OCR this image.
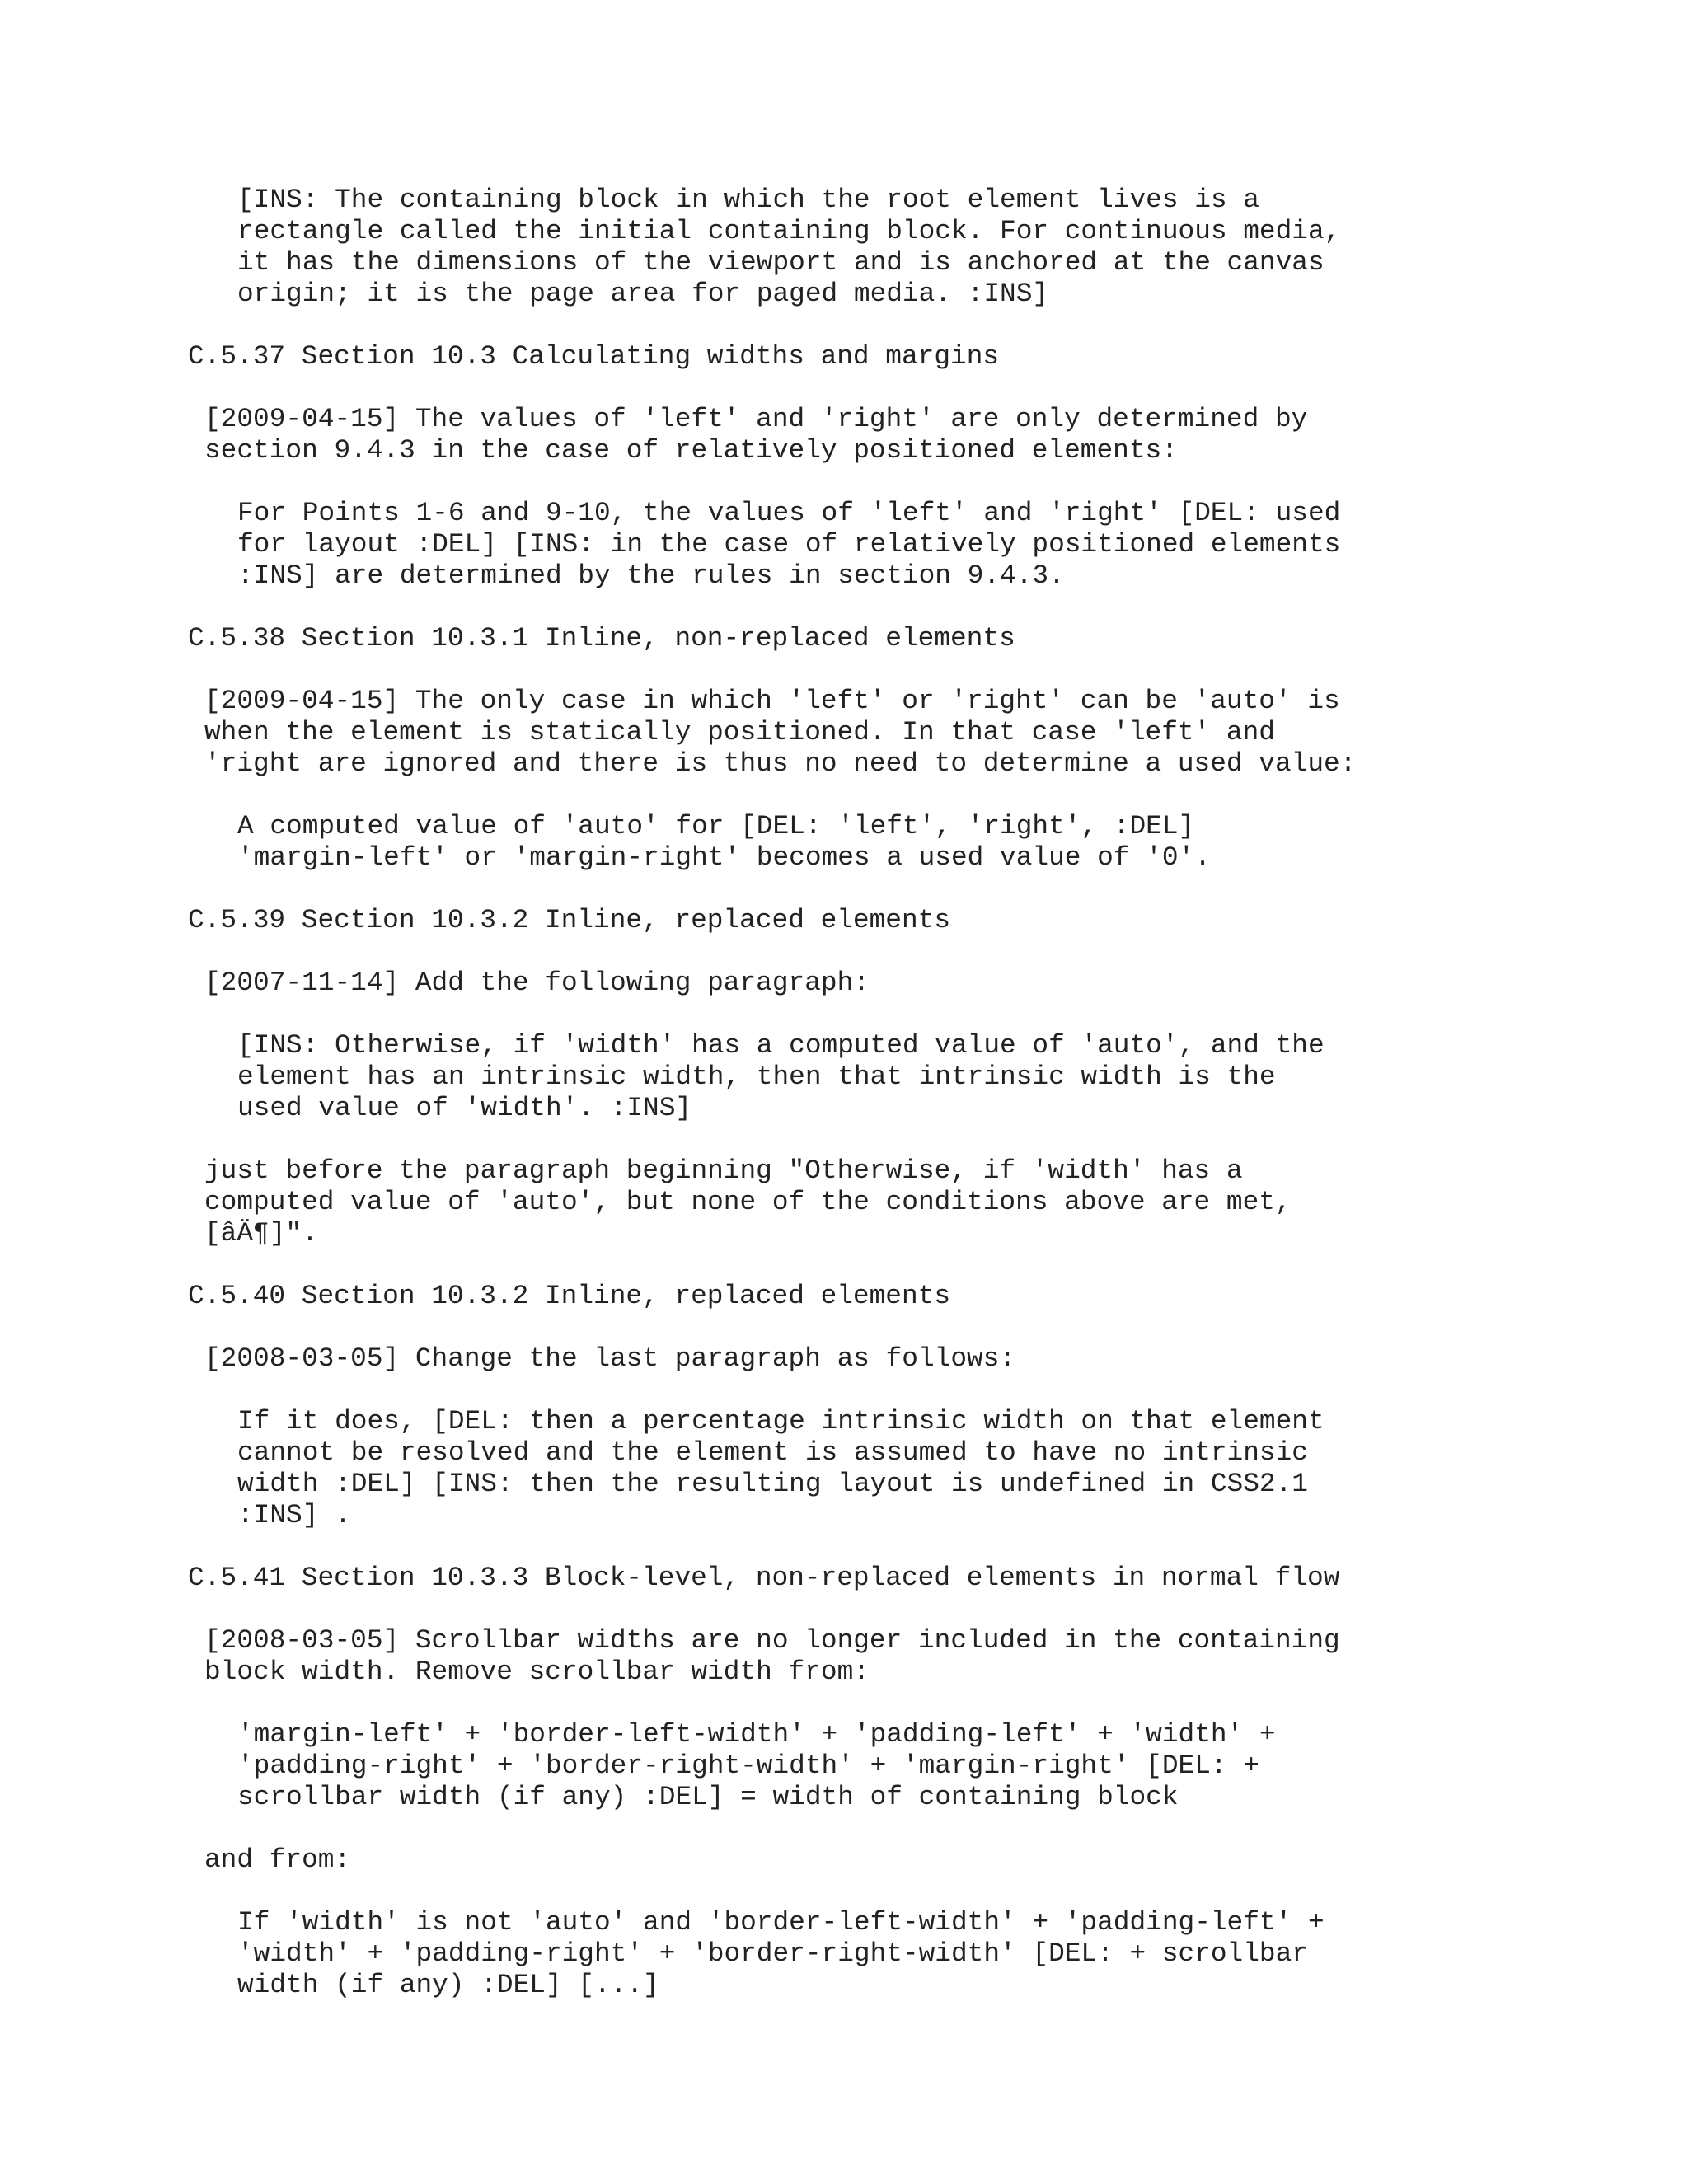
[INS: The containing block in which the root element lives is a
rectangle called the initial containing block. For continuous media,
it has the dimensions of the viewport and is anchored at the canvas
origin; it is the page area for paged media. :INS]
C.5.37 Section 10.3 Calculating widths and margins
[2009-04-15] The values of 'left' and 'right' are only determined by
section 9.4.3 in the case of relatively positioned elements:
For Points 1-6 and 9-10, the values of 'left' and 'right' [DEL: used
for layout :DEL] [INS: in the case of relatively positioned elements
:INS] are determined by the rules in section 9.4.3.
C.5.38 Section 10.3.1 Inline, non-replaced elements
[2009-04-15] The only case in which 'left' or 'right' can be 'auto' is
when the element is statically positioned. In that case 'left' and
'right are ignored and there is thus no need to determine a used value:
A computed value of 'auto' for [DEL: 'left', 'right', :DEL]
'margin-left' or 'margin-right' becomes a used value of '0'.
C.5.39 Section 10.3.2 Inline, replaced elements
[2007-11-14] Add the following paragraph:
[INS: Otherwise, if 'width' has a computed value of 'auto', and the
element has an intrinsic width, then that intrinsic width is the
used value of 'width'. :INS]
just before the paragraph beginning "Otherwise, if 'width' has a
computed value of 'auto', but none of the conditions above are met,
[âÄ¶]".
C.5.40 Section 10.3.2 Inline, replaced elements
[2008-03-05] Change the last paragraph as follows:
If it does, [DEL: then a percentage intrinsic width on that element
cannot be resolved and the element is assumed to have no intrinsic
width :DEL] [INS: then the resulting layout is undefined in CSS2.1
:INS] .
C.5.41 Section 10.3.3 Block-level, non-replaced elements in normal flow
[2008-03-05] Scrollbar widths are no longer included in the containing
block width. Remove scrollbar width from:
'margin-left' + 'border-left-width' + 'padding-left' + 'width' +
'padding-right' + 'border-right-width' + 'margin-right' [DEL: +
scrollbar width (if any) :DEL] = width of containing block
and from:
If 'width' is not 'auto' and 'border-left-width' + 'padding-left' +
'width' + 'padding-right' + 'border-right-width' [DEL: + scrollbar
width (if any) :DEL] [...]
